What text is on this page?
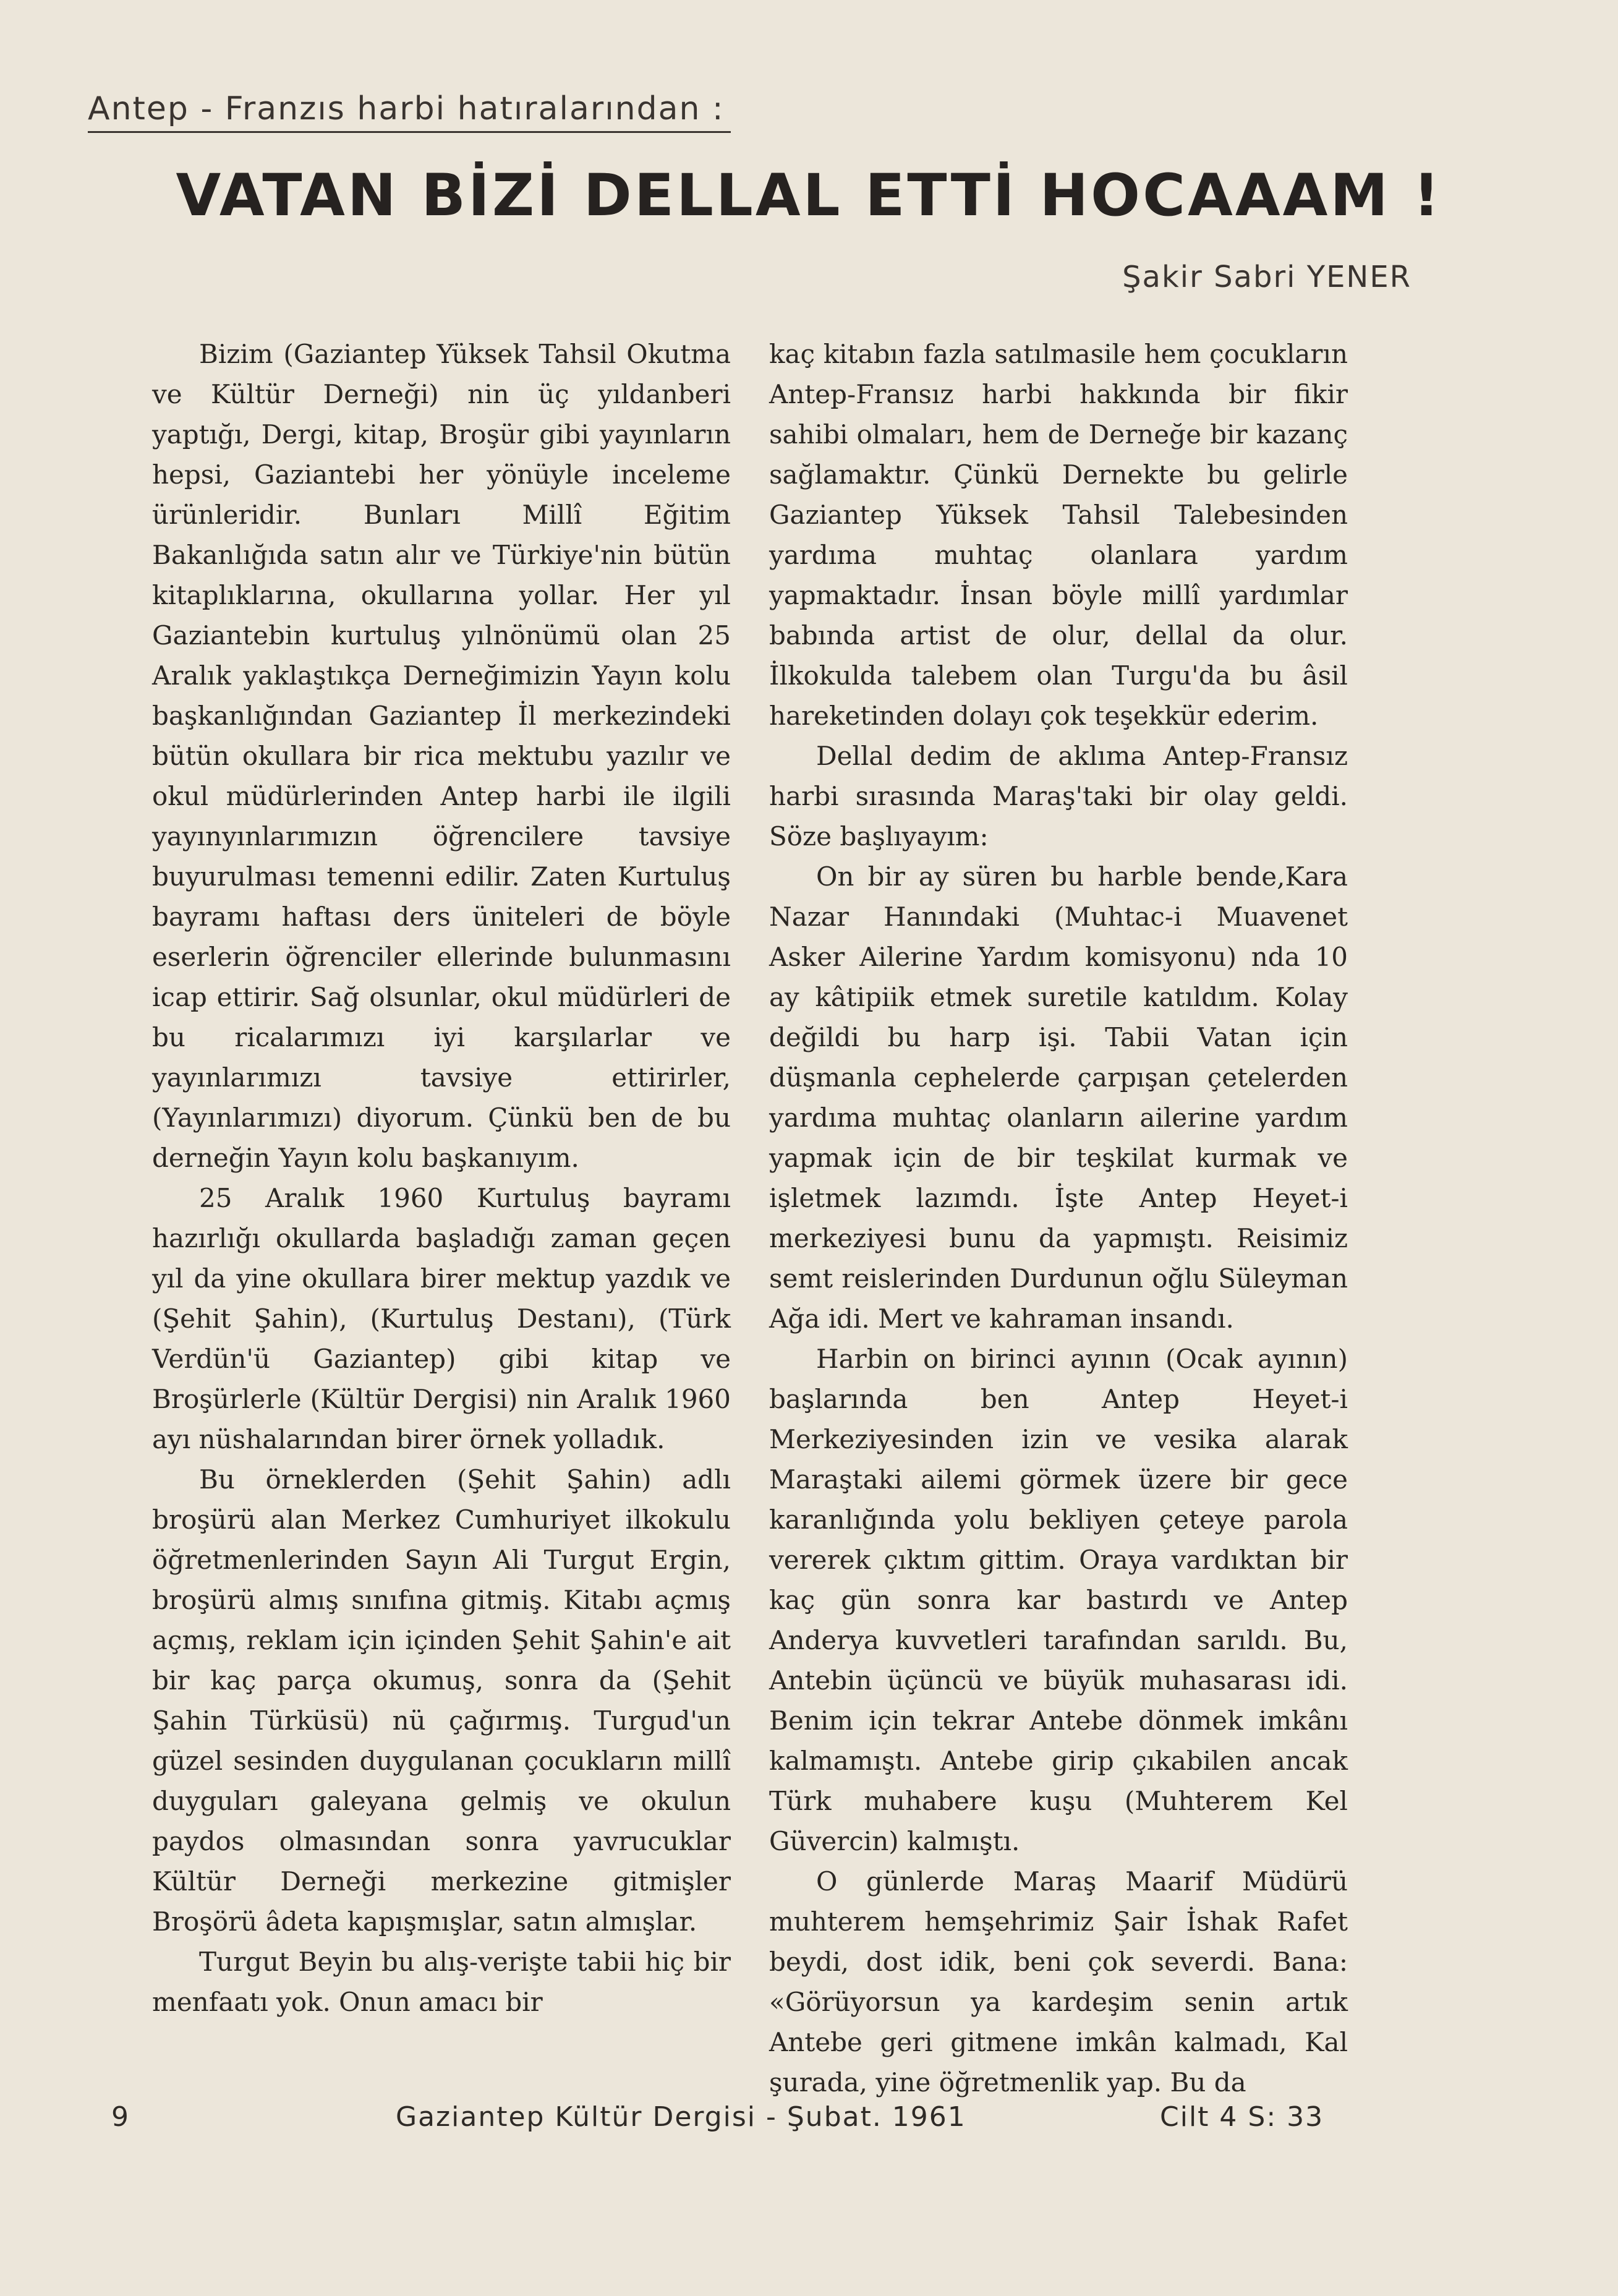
Antep - Franzıs harbi hatıralarından :
VATAN BİZİ DELLAL ETTİ HOCAAAM !
Şakir Sabri YENER

Bizim (Gaziantep Yüksek Tahsil Okutma ve Kültür Derneği) nin üç yıldanberi yaptığı, Dergi, kitap, Broşür gibi yayınların hepsi, Gaziantebi her yönüyle inceleme ürünleridir. Bunları Millî Eğitim Bakanlığıda satın alır ve Türkiye'nin bütün kitaplıklarına, okullarına yollar. Her yıl Gaziantebin kurtuluş yılnönümü olan 25 Aralık yaklaştıkça Derneğimizin Yayın kolu başkanlığından Gaziantep İl merkezindeki bütün okullara bir rica mektubu yazılır ve okul müdürlerinden Antep harbi ile ilgili yayınyınlarımızın öğrencilere tavsiye buyurulması temenni edilir. Zaten Kurtuluş bayramı haftası ders üniteleri de böyle eserlerin öğrenciler ellerinde bulunmasını icap ettirir. Sağ olsunlar, okul müdürleri de bu ricalarımızı iyi karşılarlar ve yayınlarımızı tavsiye ettirirler, (Yayınlarımızı) diyorum. Çünkü ben de bu derneğin Yayın kolu başkanıyım.

25 Aralık 1960 Kurtuluş bayramı hazırlığı okullarda başladığı zaman geçen yıl da yine okullara birer mektup yazdık ve (Şehit Şahin), (Kurtuluş Destanı), (Türk Verdün'ü Gaziantep) gibi kitap ve Broşürlerle (Kültür Dergisi) nin Aralık 1960 ayı nüshalarından birer örnek yolladık.

Bu örneklerden (Şehit Şahin) adlı broşürü alan Merkez Cumhuriyet ilkokulu öğretmenlerinden Sayın Ali Turgut Ergin, broşürü almış sınıfına gitmiş. Kitabı açmış açmış, reklam için içinden Şehit Şahin'e ait bir kaç parça okumuş, sonra da (Şehit Şahin Türküsü) nü çağırmış. Turgud'un güzel sesinden duygulanan çocukların millî duyguları galeyana gelmiş ve okulun paydos olmasından sonra yavrucuklar Kültür Derneği merkezine gitmişler Broşörü âdeta kapışmışlar, satın almışlar.

Turgut Beyin bu alış-verişte tabii hiç bir menfaatı yok. Onun amacı bir

kaç kitabın fazla satılmasile hem çocukların Antep-Fransız harbi hakkında bir fikir sahibi olmaları, hem de Derneğe bir kazanç sağlamaktır. Çünkü Dernekte bu gelirle Gaziantep Yüksek Tahsil Talebesinden yardıma muhtaç olanlara yardım yapmaktadır. İnsan böyle millî yardımlar babında artist de olur, dellal da olur. İlkokulda talebem olan Turgu'da bu âsil hareketinden dolayı çok teşekkür ederim.

Dellal dedim de aklıma Antep-Fransız harbi sırasında Maraş'taki bir olay geldi. Söze başlıyayım:

On bir ay süren bu harble bende,Kara Nazar Hanındaki (Muhtac-i Muavenet Asker Ailerine Yardım komisyonu) nda 10 ay kâtipiik etmek suretile katıldım. Kolay değildi bu harp işi. Tabii Vatan için düşmanla cephelerde çarpışan çetelerden yardıma muhtaç olanların ailerine yardım yapmak için de bir teşkilat kurmak ve işletmek lazımdı. İşte Antep Heyet-i merkeziyesi bunu da yapmıştı. Reisimiz semt reislerinden Durdunun oğlu Süleyman Ağa idi. Mert ve kahraman insandı.

Harbin on birinci ayının (Ocak ayının) başlarında ben Antep Heyet-i Merkeziyesinden izin ve vesika alarak Maraştaki ailemi görmek üzere bir gece karanlığında yolu bekliyen çeteye parola vererek çıktım gittim. Oraya vardıktan bir kaç gün sonra kar bastırdı ve Antep Anderya kuvvetleri tarafından sarıldı. Bu, Antebin üçüncü ve büyük muhasarası idi. Benim için tekrar Antebe dönmek imkânı kalmamıştı. Antebe girip çıkabilen ancak Türk muhabere kuşu (Muhterem Kel Güvercin) kalmıştı.

O günlerde Maraş Maarif Müdürü muhterem hemşehrimiz Şair İshak Rafet beydi, dost idik, beni çok severdi. Bana: «Görüyorsun ya kardeşim senin artık Antebe geri gitmene imkân kalmadı, Kal şurada, yine öğretmenlik yap. Bu da

9	Gaziantep Kültür Dergisi - Şubat. 1961	Cilt 4 S: 33
